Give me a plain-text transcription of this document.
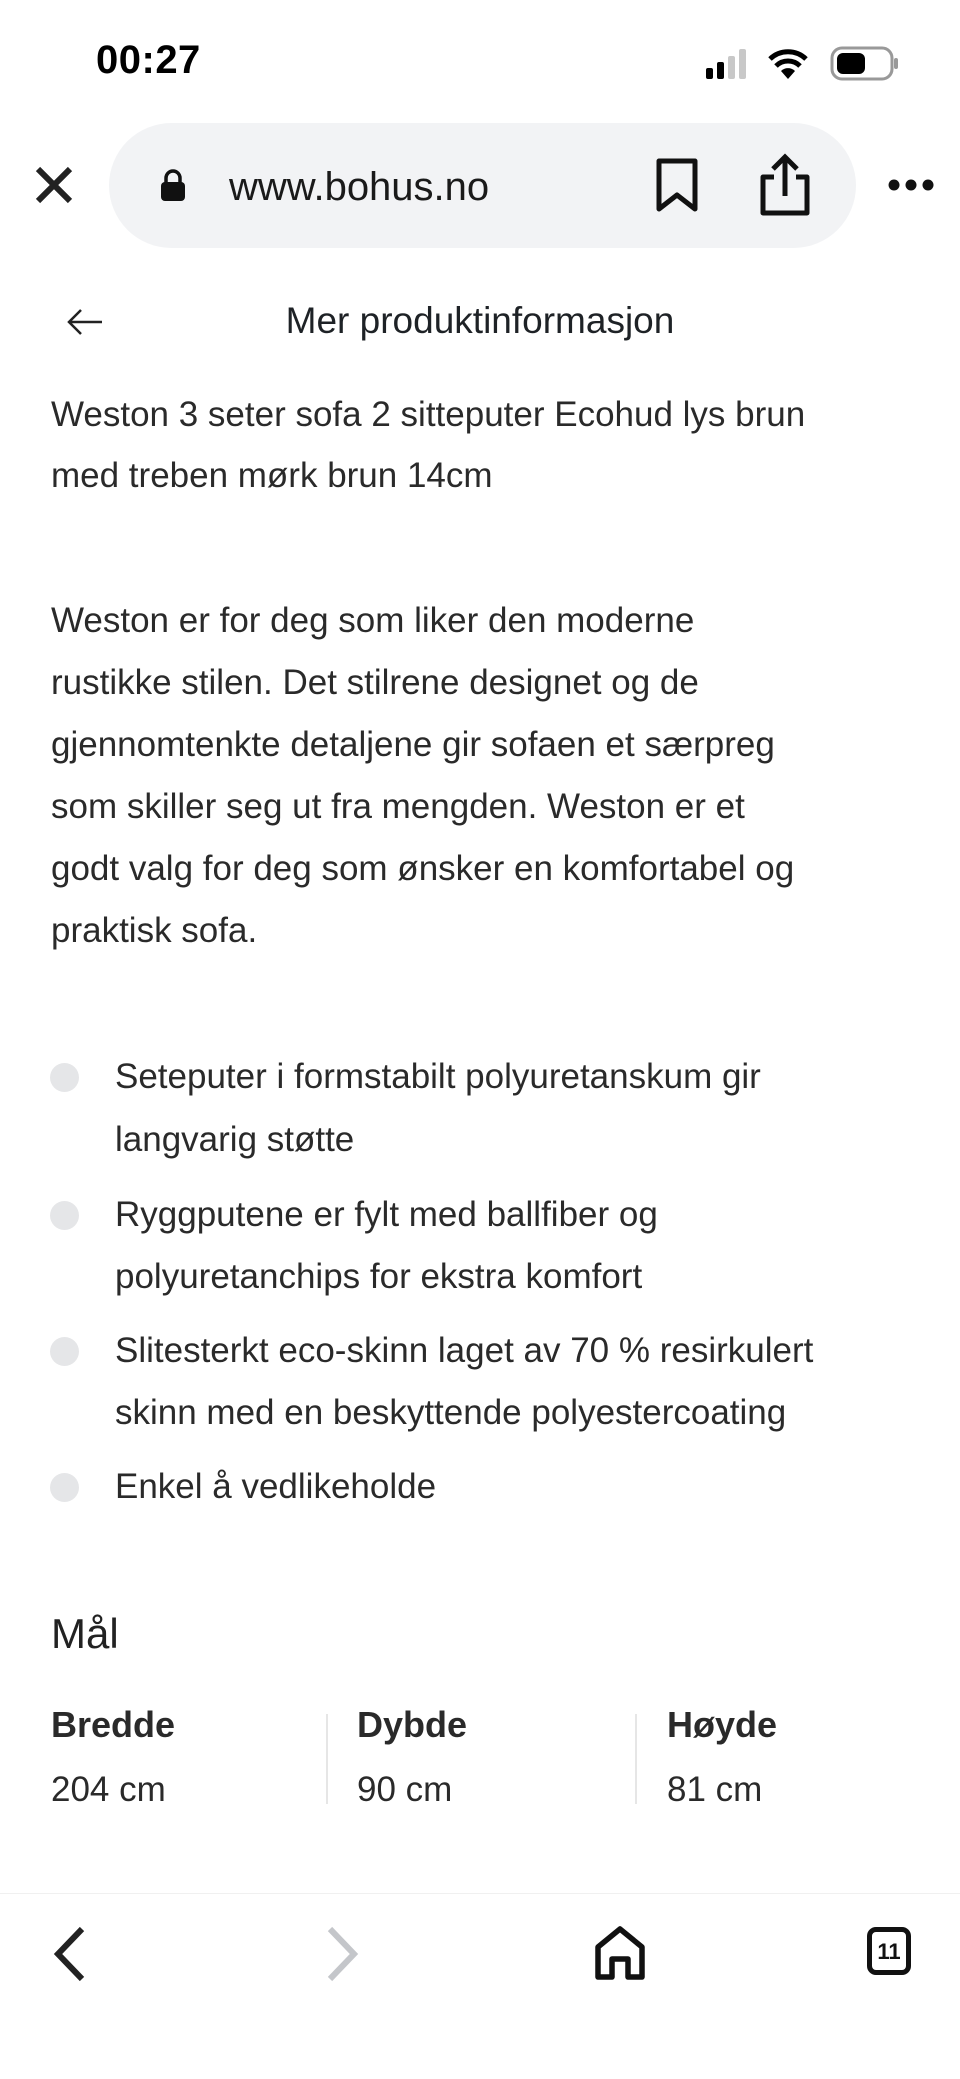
00:27
www.bohus.no
Mer produktinformasjon
Weston 3 seter sofa 2 sitteputer Ecohud lys brun
med treben mørk brun 14cm
Weston er for deg som liker den moderne
rustikke stilen. Det stilrene designet og de
gjennomtenkte detaljene gir sofaen et særpreg
som skiller seg ut fra mengden. Weston er et
godt valg for deg som ønsker en komfortabel og
praktisk sofa.
Seteputer i formstabilt polyuretanskum gir
langvarig støtte
Ryggputene er fylt med ballfiber og
polyuretanchips for ekstra komfort
Slitesterkt eco-skinn laget av 70 % resirkulert
skinn med en beskyttende polyestercoating
Enkel å vedlikeholde
Mål
Bredde
204 cm
Dybde
90 cm
Høyde
81 cm
11
